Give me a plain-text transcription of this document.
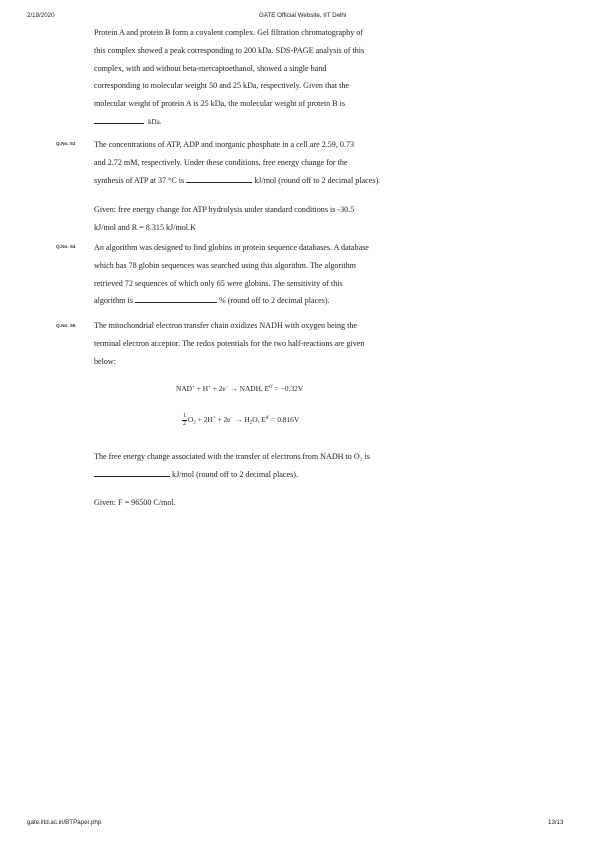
2/18/2020	GATE Official Website, IIT Delhi
Protein A and protein B form a covalent complex. Gel filtration chromatography of
this complex showed a peak corresponding to 200 kDa. SDS-PAGE analysis of this
complex, with and without beta-mercaptoethanol, showed a single band
corresponding to molecular weight 50 and 25 kDa, respectively. Given that the
molecular weight of protein A is 25 kDa, the molecular weight of protein B is
kDa.
Q.No. 53 The concentrations of ATP, ADP and inorganic phosphate in a cell are 2.59, 0.73
and 2.72 mM, respectively. Under these conditions, free energy change for the
synthesis of ATP at 37 °C is	kJ/mol (round off to 2 decimal places).
Given: free energy change for ATP hydrolysis under standard conditions is -30.5
kJ/mol and R = 8.315 kJ/mol.K
Q.No. 54 An algorithm was designed to find globins in protein sequence databases. A database
which has 78 globin sequences was searched using this algorithm. The algorithm
retrieved 72 sequences of which only 65 were globins. The sensitivity of this
algorithm is	% (round off to 2 decimal places).
Q.No. 55 The mitochondrial electron transfer chain oxidizes NADH with oxygen being the
terminal electron acceptor. The redox potentials for the two half-reactions are given
below:
NAD+ + H+ + 2e− → NADH, $E^{0'} = -0.32V$
$\frac{1}{2} O_2 + 2H^+ + 2e^- \to H_2O$, $E^{0'} = 0.816V$
The free energy change associated with the transfer of electrons from NADH to O₂ is
kJ/mol (round off to 2 decimal places).
Given: F = 96500 C/mol.
gate.iitd.ac.in/BTPaper.php	13/13
